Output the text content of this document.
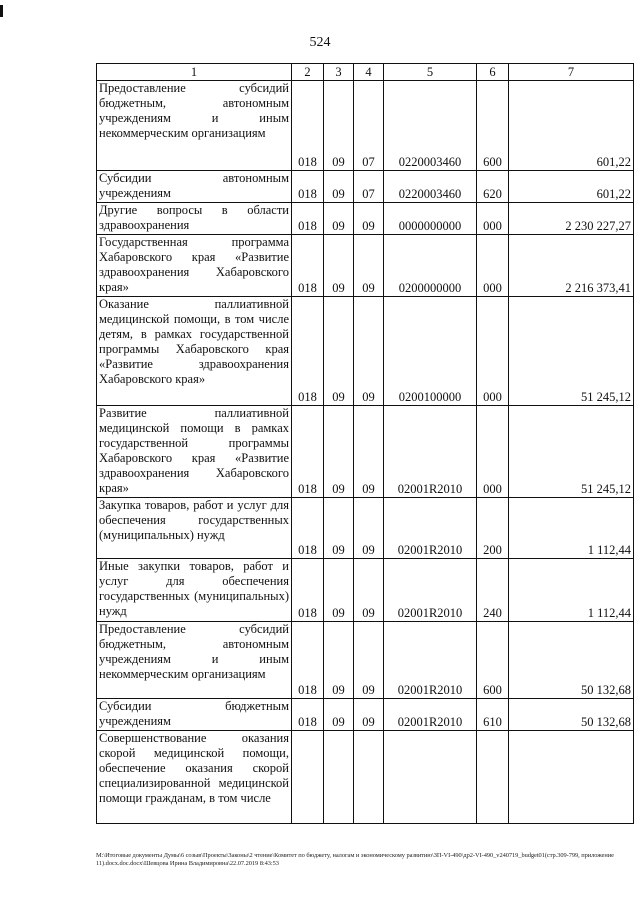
524
1	2	3	4	5	6	7
Предоставление субсидий бюджетным, автономным учреждениям и иным некоммерческим организациям	018	09	07	0220003460	600	601,22
Субсидии автономным учреждениям	018	09	07	0220003460	620	601,22
Другие вопросы в области здравоохранения	018	09	09	0000000000	000	2 230 227,27
Государственная программа Хабаровского края «Развитие здравоохранения Хабаровского края»	018	09	09	0200000000	000	2 216 373,41
Оказание паллиативной медицинской помощи, в том числе детям, в рамках государственной программы Хабаровского края «Развитие здравоохранения Хабаровского края»	018	09	09	0200100000	000	51 245,12
Развитие паллиативной медицинской помощи в рамках государственной программы Хабаровского края «Развитие здравоохранения Хабаровского края»	018	09	09	02001R2010	000	51 245,12
Закупка товаров, работ и услуг для обеспечения государственных (муниципальных) нужд	018	09	09	02001R2010	200	1 112,44
Иные закупки товаров, работ и услуг для обеспечения государственных (муниципальных) нужд	018	09	09	02001R2010	240	1 112,44
Предоставление субсидий бюджетным, автономным учреждениям и иным некоммерческим организациям	018	09	09	02001R2010	600	50 132,68
Субсидии бюджетным учреждениям	018	09	09	02001R2010	610	50 132,68
Совершенствование оказания скорой медицинской помощи, обеспечение оказания скорой специализированной медицинской помощи гражданам, в том числе						
M:\Итоговые документы Думы\6 созыв\Проекты\Законы\2 чтение\Комитет по бюджету, налогам и экономическому развитию\ЗП-VI-490\др2-VI-490_v240719_budget01(стр.309-799, приложение 11).docx.doc.docx\Шевцова Ирина Владимировна\22.07.2019 8:43:53
